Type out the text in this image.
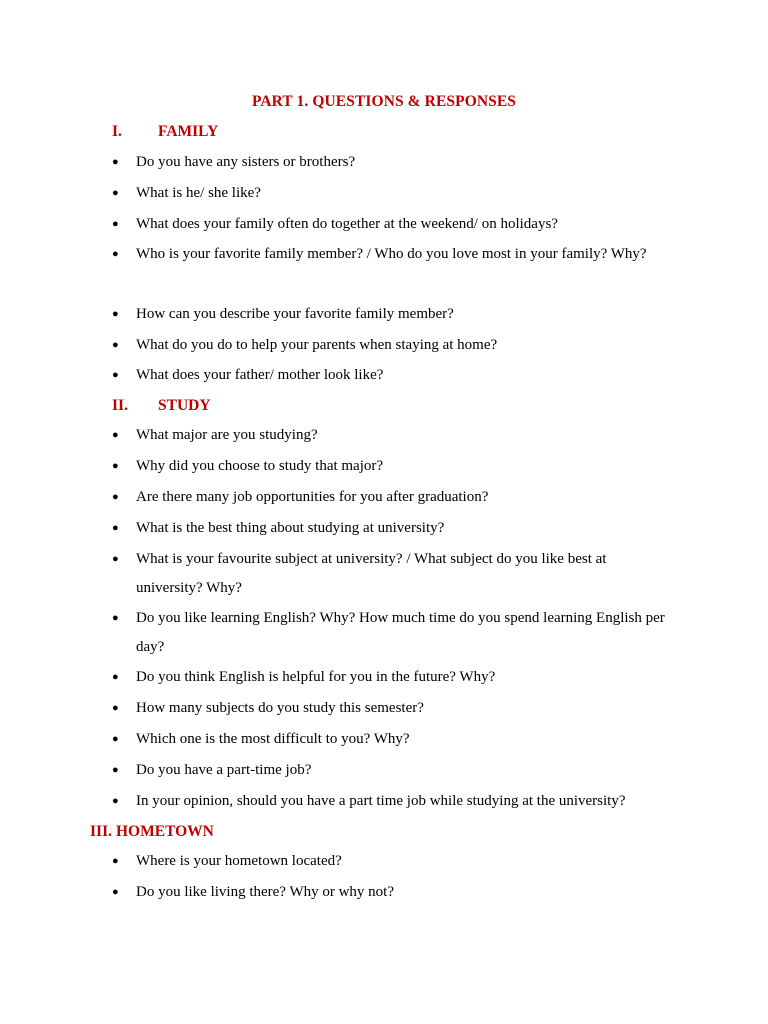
PART 1. QUESTIONS & RESPONSES
I. FAMILY
● Do you have any sisters or brothers?
● What is he/ she like?
● What does your family often do together at the weekend/ on holidays?
● Who is your favorite family member? / Who do you love most in your family? Why?
● How can you describe your favorite family member?
● What do you do to help your parents when staying at home?
● What does your father/ mother look like?
II. STUDY
● What major are you studying?
● Why did you choose to study that major?
● Are there many job opportunities for you after graduation?
● What is the best thing about studying at university?
● What is your favourite subject at university? / What subject do you like best at university? Why?
● Do you like learning English? Why? How much time do you spend learning English per day?
● Do you think English is helpful for you in the future? Why?
● How many subjects do you study this semester?
● Which one is the most difficult to you? Why?
● Do you have a part-time job?
● In your opinion, should you have a part time job while studying at the university?
III. HOMETOWN
● Where is your hometown located?
● Do you like living there? Why or why not?
